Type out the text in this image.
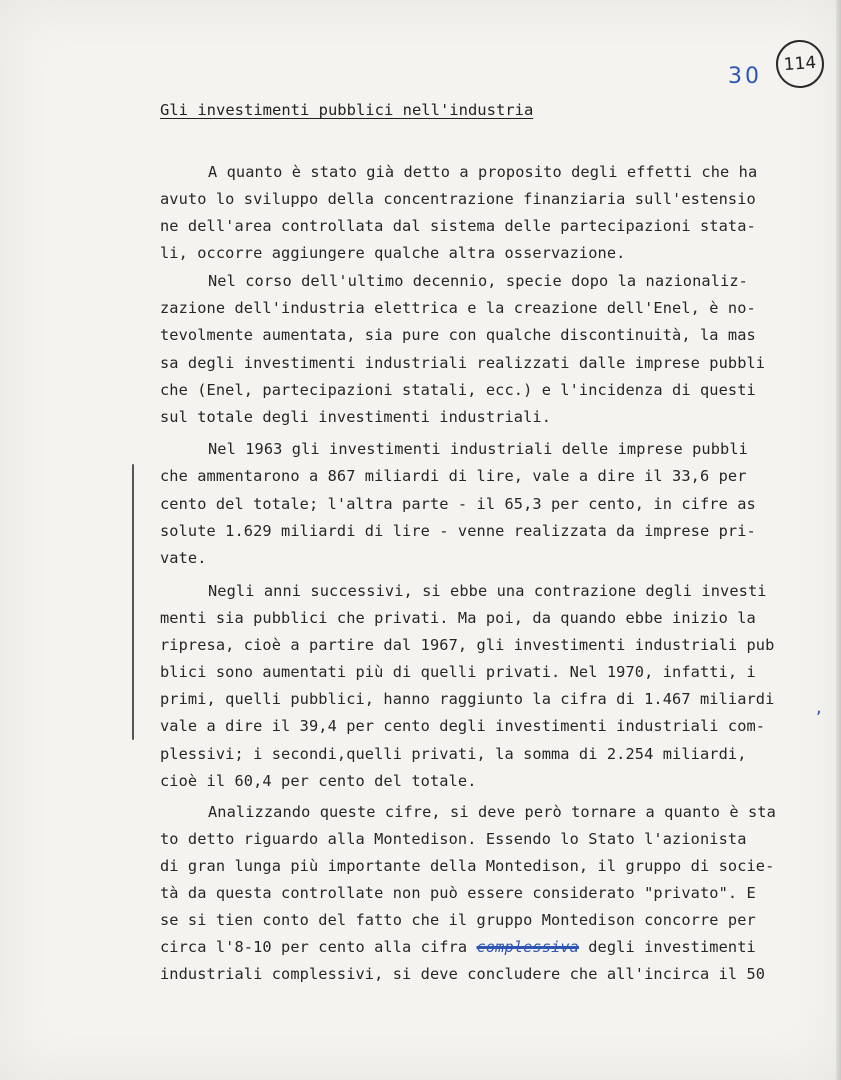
30 114
Gli investimenti pubblici nell'industria
A quanto è stato già detto a proposito degli effetti che ha
avuto lo sviluppo della concentrazione finanziaria sull'estensio
ne dell'area controllata dal sistema delle partecipazioni stata-
li, occorre aggiungere qualche altra osservazione.
Nel corso dell'ultimo decennio, specie dopo la nazionaliz-
zazione dell'industria elettrica e la creazione dell'Enel, è no-
tevolmente aumentata, sia pure con qualche discontinuità, la mas
sa degli investimenti industriali realizzati dalle imprese pubbli
che (Enel, partecipazioni statali, ecc.) e l'incidenza di questi
sul totale degli investimenti industriali.
Nel 1963 gli investimenti industriali delle imprese pubbli
che ammentarono a 867 miliardi di lire, vale a dire il 33,6 per
cento del totale; l'altra parte - il 65,3 per cento, in cifre as
solute 1.629 miliardi di lire - venne realizzata da imprese pri-
vate.
Negli anni successivi, si ebbe una contrazione degli investi
menti sia pubblici che privati. Ma poi, da quando ebbe inizio la
ripresa, cioè a partire dal 1967, gli investimenti industriali pub
blici sono aumentati più di quelli privati. Nel 1970, infatti, i
primi, quelli pubblici, hanno raggiunto la cifra di 1.467 miliardi
vale a dire il 39,4 per cento degli investimenti industriali com-
plessivi; i secondi,quelli privati, la somma di 2.254 miliardi,
cioè il 60,4 per cento del totale.
Analizzando queste cifre, si deve però tornare a quanto è sta
to detto riguardo alla Montedison. Essendo lo Stato l'azionista
di gran lunga più importante della Montedison, il gruppo di socie-
tà da questa controllate non può essere considerato "privato". E
se si tien conto del fatto che il gruppo Montedison concorre per
circa l'8-10 per cento alla cifra complessiva degli investimenti
industriali complessivi, si deve concludere che all'incirca il 50
,
